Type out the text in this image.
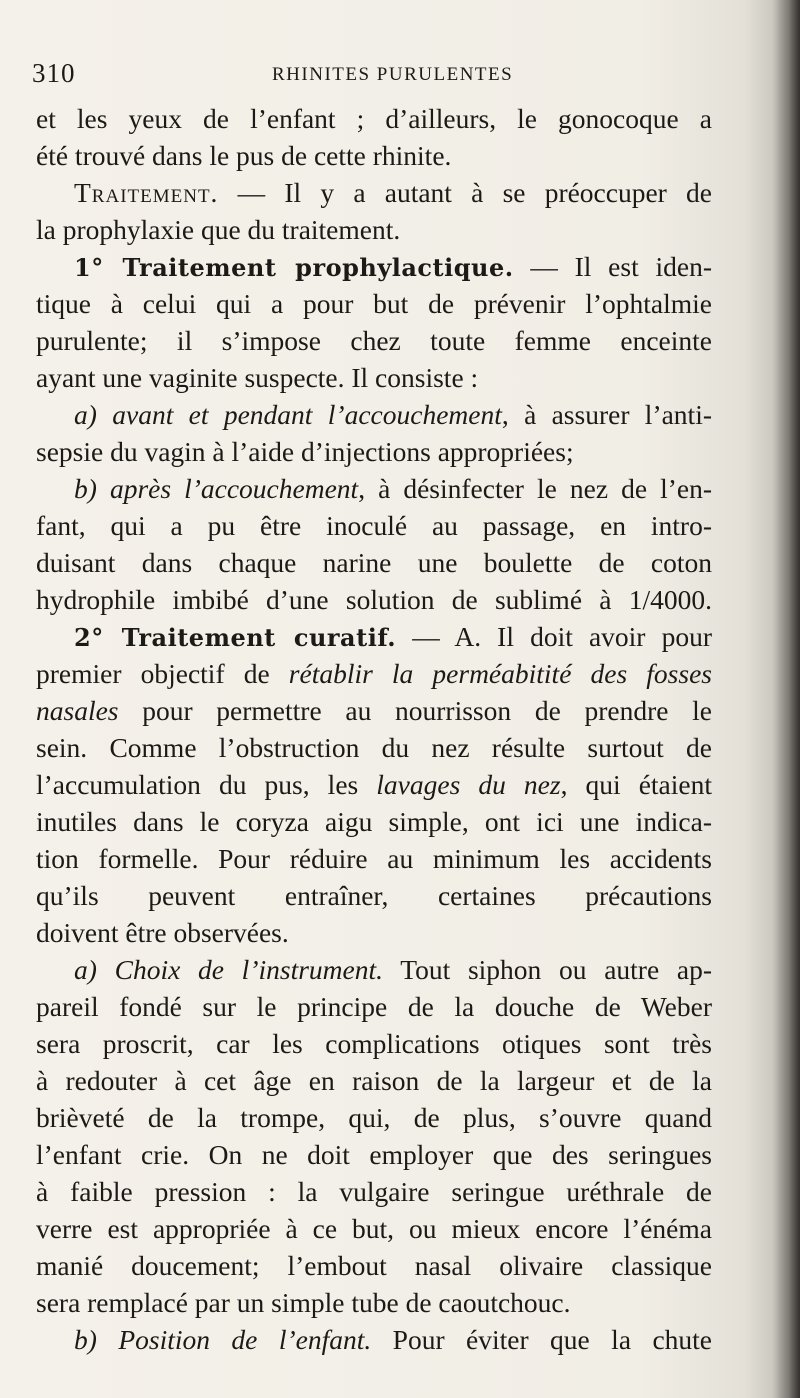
310	RHINITES PURULENTES
et les yeux de l’enfant ; d’ailleurs, le gonocoque a
été trouvé dans le pus de cette rhinite.
Traitement. — Il y a autant à se préoccuper de
la prophylaxie que du traitement.
1° Traitement prophylactique. — Il est iden-
tique à celui qui a pour but de prévenir l’ophtalmie
purulente; il s’impose chez toute femme enceinte
ayant une vaginite suspecte. Il consiste :
a) avant et pendant l’accouchement, à assurer l’anti-
sepsie du vagin à l’aide d’injections appropriées;
b) après l’accouchement, à désinfecter le nez de l’en-
fant, qui a pu être inoculé au passage, en intro-
duisant dans chaque narine une boulette de coton
hydrophile imbibé d’une solution de sublimé à 1/4000.
2° Traitement curatif. — A. Il doit avoir pour
premier objectif de rétablir la perméabitité des fosses
nasales pour permettre au nourrisson de prendre le
sein. Comme l’obstruction du nez résulte surtout de
l’accumulation du pus, les lavages du nez, qui étaient
inutiles dans le coryza aigu simple, ont ici une indica-
tion formelle. Pour réduire au minimum les accidents
qu’ils peuvent entraîner, certaines précautions
doivent être observées.
a) Choix de l’instrument. Tout siphon ou autre ap-
pareil fondé sur le principe de la douche de Weber
sera proscrit, car les complications otiques sont très
à redouter à cet âge en raison de la largeur et de la
brièveté de la trompe, qui, de plus, s’ouvre quand
l’enfant crie. On ne doit employer que des seringues
à faible pression : la vulgaire seringue uréthrale de
verre est appropriée à ce but, ou mieux encore l’énéma
manié doucement; l’embout nasal olivaire classique
sera remplacé par un simple tube de caoutchouc.
b) Position de l’enfant. Pour éviter que la chute
